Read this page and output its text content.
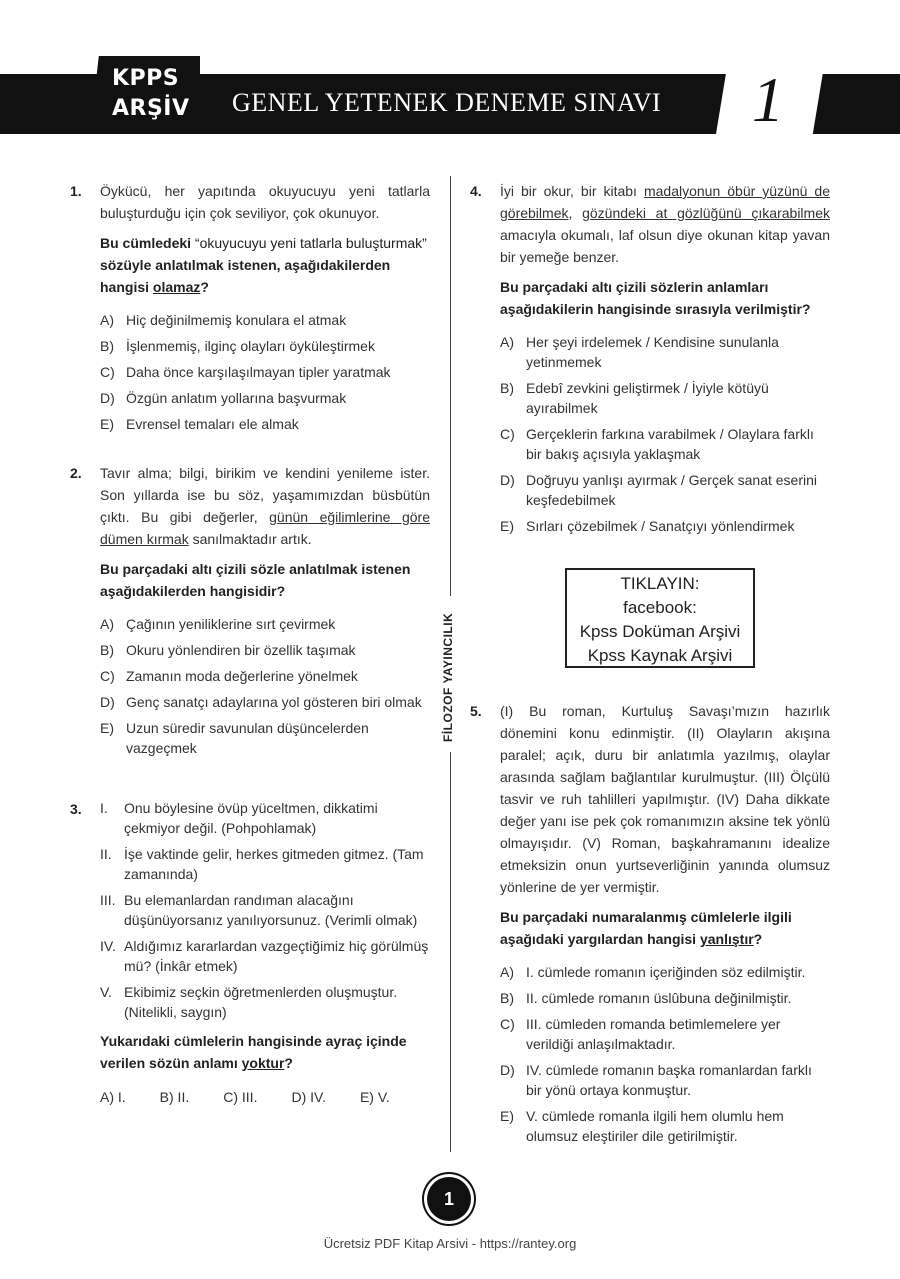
KPPS
ARŞİV GENEL YETENEK DENEME SINAVI 1
FİLOZOF YAYINCILIK
1. Öykücü, her yapıtında okuyucuyu yeni tatlarla buluşturduğu için çok seviliyor, çok okunuyor.

Bu cümledeki “okuyucuyu yeni tatlarla buluşturmak” sözüyle anlatılmak istenen, aşağıdakilerden hangisi olamaz?

A) Hiç değinilmemiş konulara el atmak
B) İşlenmemiş, ilginç olayları öyküleştirmek
C) Daha önce karşılaşılmayan tipler yaratmak
D) Özgün anlatım yollarına başvurmak
E) Evrensel temaları ele almak
2. Tavır alma; bilgi, birikim ve kendini yenileme ister. Son yıllarda ise bu söz, yaşamımızdan büsbütün çıktı. Bu gibi değerler, günün eğilimlerine göre dümen kırmak sanılmaktadır artık.

Bu parçadaki altı çizili sözle anlatılmak istenen aşağıdakilerden hangisidir?

A) Çağının yeniliklerine sırt çevirmek
B) Okuru yönlendiren bir özellik taşımak
C) Zamanın moda değerlerine yönelmek
D) Genç sanatçı adaylarına yol gösteren biri olmak
E) Uzun süredir savunulan düşüncelerden vazgeçmek
3. I. Onu böylesine övüp yüceltmen, dikkatimi çekmiyor değil. (Pohpohlamak)
II. İşe vaktinde gelir, herkes gitmeden gitmez. (Tam zamanında)
III. Bu elemanlardan randıman alacağını düşünüyorsanız yanılıyorsunuz. (Verimli olmak)
IV. Aldığımız kararlardan vazgeçtiğimiz hiç görülmüş mü? (İnkâr etmek)
V. Ekibimiz seçkin öğretmenlerden oluşmuştur. (Nitelikli, saygın)

Yukarıdaki cümlelerin hangisinde ayraç içinde verilen sözün anlamı yoktur?

A) I. B) II. C) III. D) IV. E) V.
4. İyi bir okur, bir kitabı madalyonun öbür yüzünü de görebilmek, gözündeki at gözlüğünü çıkarabilmek amacıyla okumalı, laf olsun diye okunan kitap yavan bir yemeğe benzer.

Bu parçadaki altı çizili sözlerin anlamları aşağıdakilerin hangisinde sırasıyla verilmiştir?

A) Her şeyi irdelemek / Kendisine sunulanla yetinmemek
B) Edebî zevkini geliştirmek / İyiyle kötüyü ayırabilmek
C) Gerçeklerin farkına varabilmek / Olaylara farklı bir bakış açısıyla yaklaşmak
D) Doğruyu yanlışı ayırmak / Gerçek sanat eserini keşfedebilmek
E) Sırları çözebilmek / Sanatçıyı yönlendirmek
TIKLAYIN:
facebook:
Kpss Doküman Arşivi
Kpss Kaynak Arşivi
5. (I) Bu roman, Kurtuluş Savaşı’mızın hazırlık dönemini konu edinmiştir. (II) Olayların akışına paralel; açık, duru bir anlatımla yazılmış, olaylar arasında sağlam bağlantılar kurulmuştur. (III) Ölçülü tasvir ve ruh tahlilleri yapılmıştır. (IV) Daha dikkate değer yanı ise pek çok romanımızın aksine tek yönlü olmayışıdır. (V) Roman, başkahramanını idealize etmeksizin onun yurtseverliğinin yanında olumsuz yönlerine de yer vermiştir.

Bu parçadaki numaralanmış cümlelerle ilgili aşağıdaki yargılardan hangisi yanlıştır?

A) I. cümlede romanın içeriğinden söz edilmiştir.
B) II. cümlede romanın üslûbuna değinilmiştir.
C) III. cümleden romanda betimlemelere yer verildiği anlaşılmaktadır.
D) IV. cümlede romanın başka romanlardan farklı bir yönü ortaya konmuştur.
E) V. cümlede romanla ilgili hem olumlu hem olumsuz eleştiriler dile getirilmiştir.
1
Ücretsiz PDF Kitap Arsivi - https://rantey.org
